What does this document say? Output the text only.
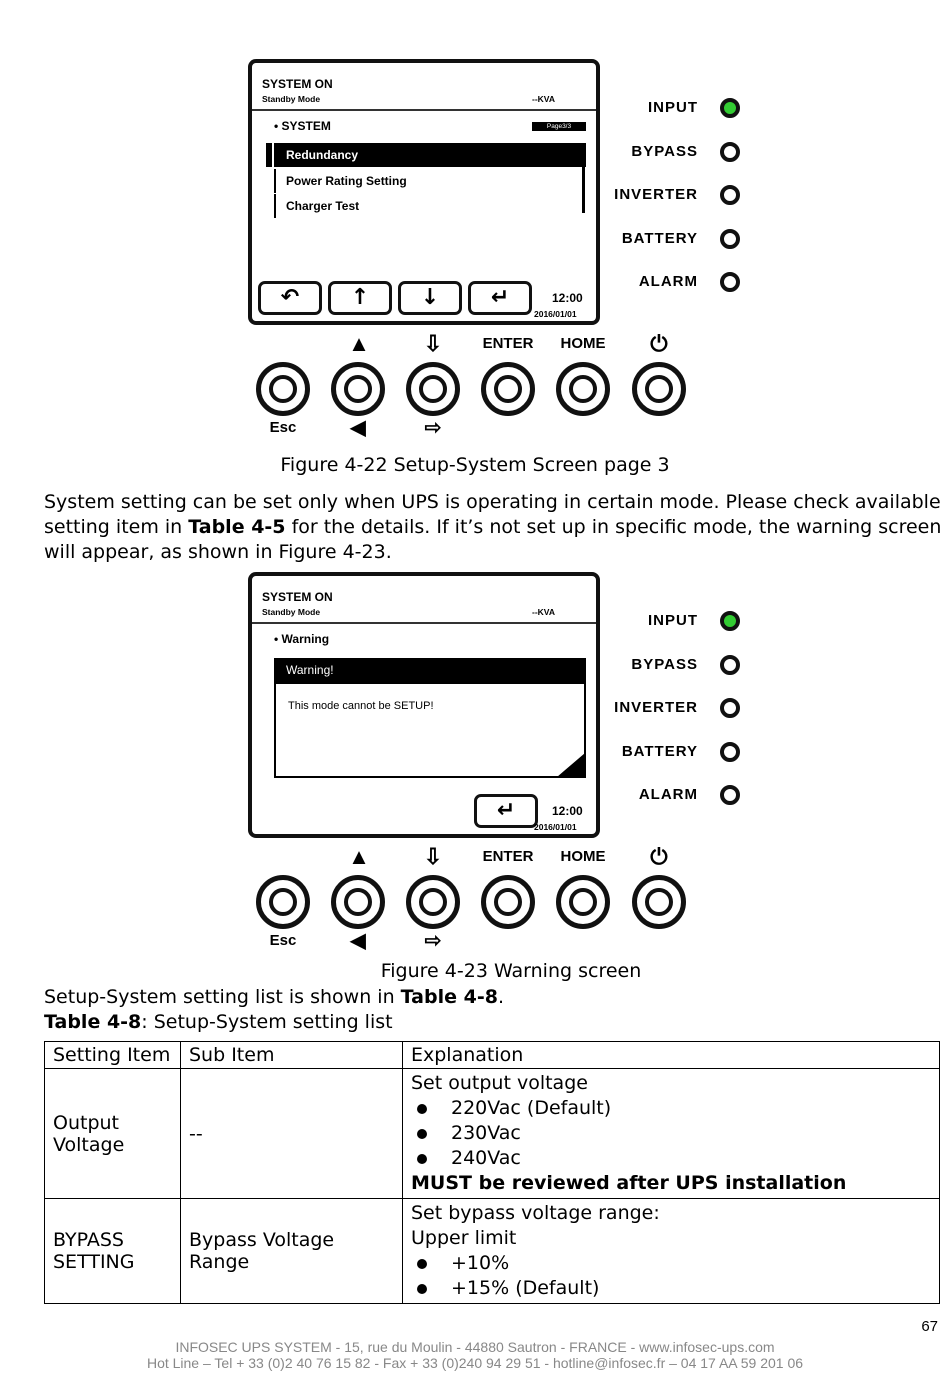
SYSTEM ON
Standby Mode	--KVA
• SYSTEM	Page3/3
Redundancy
Power Rating Setting
Charger Test
↶	↑	↓	↵	12:00
2016/01/01
INPUT
BYPASS
INVERTER
BATTERY
ALARM
▲	⇩	ENTER	HOME	⏻
Esc	◀	⇨
Figure 4-22 Setup-System Screen page 3
System setting can be set only when UPS is operating in certain mode. Please check available setting item in Table 4-5 for the details. If it’s not set up in specific mode, the warning screen will appear, as shown in Figure 4-23.
SYSTEM ON
Standby Mode	--KVA
• Warning
Warning!
This mode cannot be SETUP!
↵	12:00
2016/01/01
INPUT
BYPASS
INVERTER
BATTERY
ALARM
▲	⇩	ENTER	HOME	⏻
Esc	◀	⇨
Figure 4-23 Warning screen
Setup-System setting list is shown in Table 4-8.
Table 4-8: Setup-System setting list
Setting Item	Sub Item	Explanation
Output Voltage	--	Set output voltage
220Vac (Default)
230Vac
240Vac
MUST be reviewed after UPS installation

BYPASS SETTING	Bypass Voltage Range	Set bypass voltage range:
Upper limit
+10%
+15% (Default)
67
INFOSEC UPS SYSTEM - 15, rue du Moulin - 44880 Sautron - FRANCE - www.infosec-ups.com
Hot Line – Tel + 33 (0)2 40 76 15 82 - Fax + 33 (0)240 94 29 51 - hotline@infosec.fr – 04 17 AA 59 201 06
